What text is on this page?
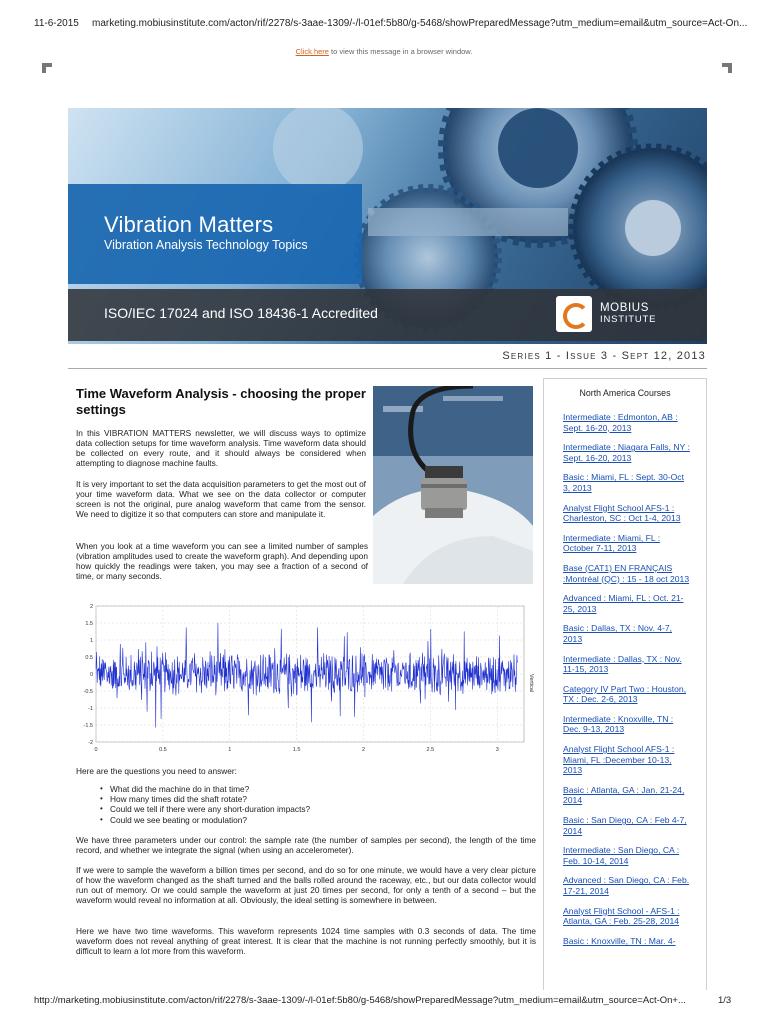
11-6-2015 marketing.mobiusinstitute.com/acton/rif/2278/s-3aae-1309/-/l-01ef:5b80/g-5468/showPreparedMessage?utm_medium=email&utm_source=Act-On...
Click here to view this message in a browser window.
Vibration Matters
Vibration Analysis Technology Topics
ISO/IEC 17024 and ISO 18436-1 Accredited	MOBIUS
INSTITUTE
Series 1 - Issue 3 - Sept 12, 2013
Time Waveform Analysis - choosing the proper settings

In this VIBRATION MATTERS newsletter, we will discuss ways to optimize data collection setups for time waveform analysis. Time waveform data should be collected on every route, and it should always be considered when attempting to diagnose machine faults.

It is very important to set the data acquisition parameters to get the most out of your time waveform data. What we see on the data collector or computer screen is not the original, pure analog waveform that came from the sensor. We need to digitize it so that computers can store and manipulate it.

When you look at a time waveform you can see a limited number of samples (vibration amplitudes used to create the waveform graph). And depending upon how quickly the readings were taken, you may see a fraction of a second of time, or many seconds.

2
1.5
1
0.5
0
-0.5
-1
-1.5
-2
0	0.5	1	1.5	2	2.5	3
Vertical

Here are the questions you need to answer:

• What did the machine do in that time?
• How many times did the shaft rotate?
• Could we tell if there were any short-duration impacts?
• Could we see beating or modulation?

We have three parameters under our control: the sample rate (the number of samples per second), the length of the time record, and whether we integrate the signal (when using an accelerometer).

If we were to sample the waveform a billion times per second, and do so for one minute, we would have a very clear picture of how the waveform changed as the shaft turned and the balls rolled around the raceway, etc., but our data collector would run out of memory. Or we could sample the waveform at just 20 times per second, for only a tenth of a second – but the waveform would reveal no information at all. Obviously, the ideal setting is somewhere in between.

Here we have two time waveforms. This waveform represents 1024 time samples with 0.3 seconds of data. The time waveform does not reveal anything of great interest. It is clear that the machine is not running perfectly smoothly, but it is difficult to learn a lot more from this waveform.

North America Courses
Intermediate : Edmonton, AB : Sept. 16-20, 2013
Intermediate : Niagara Falls, NY : Sept. 16-20, 2013
Basic : Miami, FL : Sept. 30-Oct 3, 2013
Analyst Flight School AFS-1 : Charleston, SC : Oct 1-4, 2013
Intermediate : Miami, FL : October 7-11, 2013
Base (CAT1) EN FRANÇAIS :Montréal (QC) : 15 - 18 oct 2013
Advanced : Miami, FL : Oct. 21-25, 2013
Basic : Dallas, TX : Nov. 4-7, 2013
Intermediate : Dallas, TX : Nov. 11-15, 2013
Category IV Part Two : Houston, TX : Dec. 2-6, 2013
Intermediate : Knoxville, TN : Dec. 9-13, 2013
Analyst Flight School AFS-1 : Miami, FL :December 10-13, 2013
Basic : Atlanta, GA : Jan. 21-24, 2014
Basic : San Diego, CA : Feb 4-7, 2014
Intermediate : San Diego, CA : Feb. 10-14, 2014
Advanced : San Diego, CA : Feb. 17-21, 2014
Analyst Flight School - AFS-1 : Atlanta, GA : Feb. 25-28, 2014
Basic : Knoxville, TN : Mar. 4-
http://marketing.mobiusinstitute.com/acton/rif/2278/s-3aae-1309/-/l-01ef:5b80/g-5468/showPreparedMessage?utm_medium=email&utm_source=Act-On+...	1/3
